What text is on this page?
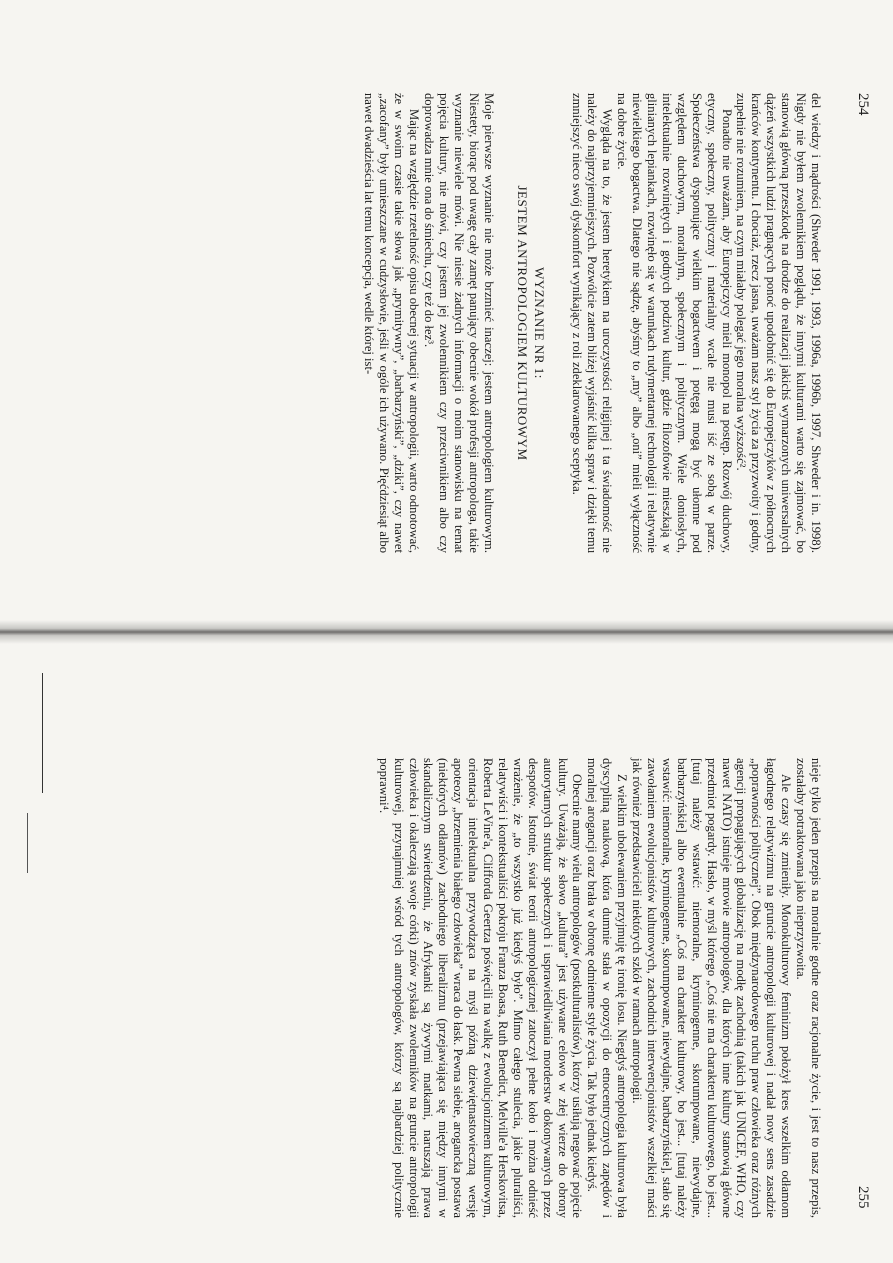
254

del wiedzy i mądrości (Shweder 1991, 1993, 1996a, 1996b, 1997, Shweder i in. 1998). Nigdy nie byłem zwolennikiem poglądu, że innymi kulturami warto się zajmować, bo stanowią główną przeszkodę na drodze do realizacji jakichś wymarzonych uniwersalnych dążeń wszystkich ludzi pragnących ponoć upodobnić się do Europejczyków z północnych krańców kontynentu. I chociaż, rzecz jasna, uważam nasz styl życia za przyzwoity i godny, zupełnie nie rozumiem, na czym miałaby polegać jego moralna wyższość².

Ponadto nie uważam, aby Europejczycy mieli monopol na postęp. Rozwój duchowy, etyczny, społeczny, polityczny i materialny wcale nie musi iść ze sobą w parze. Społeczeństwa dysponujące wielkim bogactwem i potęgą mogą być ułomne pod względem duchowym, moralnym, społecznym i politycznym. Wiele doniosłych, intelektualnie rozwiniętych i godnych podziwu kultur, gdzie filozofowie mieszkają w glinianych lepiankach, rozwinęło się w warunkach rudymentarnej technologii i relatywnie niewielkiego bogactwa. Dlatego nie sądzę, abyśmy to „my” albo „oni” mieli wyłączność na dobre życie.

Wygląda na to, że jestem heretykiem na uroczystości religijnej i ta świadomość nie należy do najprzyjemniejszych. Pozwólcie zatem bliżej wyjaśnić kilka spraw i dzięki temu zmniejszyć nieco swój dyskomfort wynikający z roli zdeklarowanego sceptyka.

WYZNANIE NR 1:
JESTEM ANTROPOLOGIEM KULTUROWYM

Moje pierwsze wyznanie nie może brzmieć inaczej: jestem antropologiem kulturowym. Niestety, biorąc pod uwagę cały zamęt panujący obecnie wokół profesji antropologa, takie wyznanie niewiele mówi. Nie niesie żadnych informacji o moim stanowisku na temat pojęcia kultury, nie mówi, czy jestem jej zwolennikiem czy przeciwnikiem albo czy doprowadza mnie ona do śmiechu, czy też do łez³.

Mając na względzie rzetelność opisu obecnej sytuacji w antropologii, warto odnotować, że w swoim czasie takie słowa jak „prymitywny”, „barbarzyński”, „dziki”, czy nawet „zacofany” były umieszczane w cudzysłowie, jeśli w ogóle ich używano. Pięćdziesiąt albo nawet dwadzieścia lat temu koncepcja, wedle której ist-

255

nieje tylko jeden przepis na moralnie godne oraz racjonalne życie, i jest to nasz przepis, zostałaby potraktowana jako nieprzyzwoita.

Ale czasy się zmieniły. Monokulturowy feminizm położył kres wszelkim odłamom łagodnego relatywizmu na gruncie antropologii kulturowej i nadał nowy sens zasadzie „poprawności politycznej”. Obok międzynarodowego ruchu praw człowieka oraz różnych agencji propagujących globalizację na modłę zachodnią (takich jak UNICEF, WHO, czy nawet NATO) istnieje mrowie antropologów, dla których inne kultury stanowią główne przedmiot pogardy. Hasło, w myśl którego „Coś nie ma charakteru kulturowego, bo jest... [tutaj należy wstawić: niemoralne, kryminogenne, skorumpowane, niewydajne, barbarzyńskie] albo ewentualnie „Coś ma charakter kulturowy, bo jest... [tutaj należy wstawić: niemoralne, kryminogenne, skorumpowane, niewydajne, barbarzyńskie], stało się zawołaniem ewolucjonistów kulturowych, zachodnich interwencjonistów wszelkiej maści jak również przedstawicieli niektórych szkół w ramach antropologii.

Z wielkim ubolewaniem przyjmuję tę ironię losu. Niegdyś antropologia kulturowa była dyscypliną naukową, która dumnie stała w opozycji do etnocentrycznych zapędów i moralnej arogancji oraz brała w obronę odmienne style życia. Tak było jednak kiedyś.

Obecnie mamy wielu antropologów (postkulturalistów), którzy usiłują negować pojęcie kultury. Uważają, że słowo „kultura” jest używane celowo w złej wierze do obrony autorytarnych struktur społecznych i usprawiedliwiania morderstw dokonywanych przez despotów. Istotnie, świat teorii antropologicznej zatoczył pełne koło i można odnieść wrażenie, że „to wszystko już kiedyś było”. Mimo całego stulecia, jakie pluraliści, relatywiści i kontekstualiści pokroju Franza Boasa, Ruth Benedict, Melville'a Herskovitsa, Roberta LeVine'a, Clifforda Geertza poświęcili na walkę z ewolucjonizmem kulturowym, orientacja intelektualna przywodząca na myśl późną dziewiętnastowieczną wersję apoteozy „brzemienia białego człowieka” wraca do łask. Pewna siebie, arogancka postawa (niektórych odłamów) zachodniego liberalizmu (przejawiająca się między innymi w skandalicznym stwierdzeniu, że Afrykanki są żywymi matkami, naruszają prawa człowieka i okaleczają swoje córki) znów zyskała zwolenników na gruncie antropologii kulturowej, przynajmniej wśród tych antropologów, którzy są najbardziej politycznie poprawni⁴.
